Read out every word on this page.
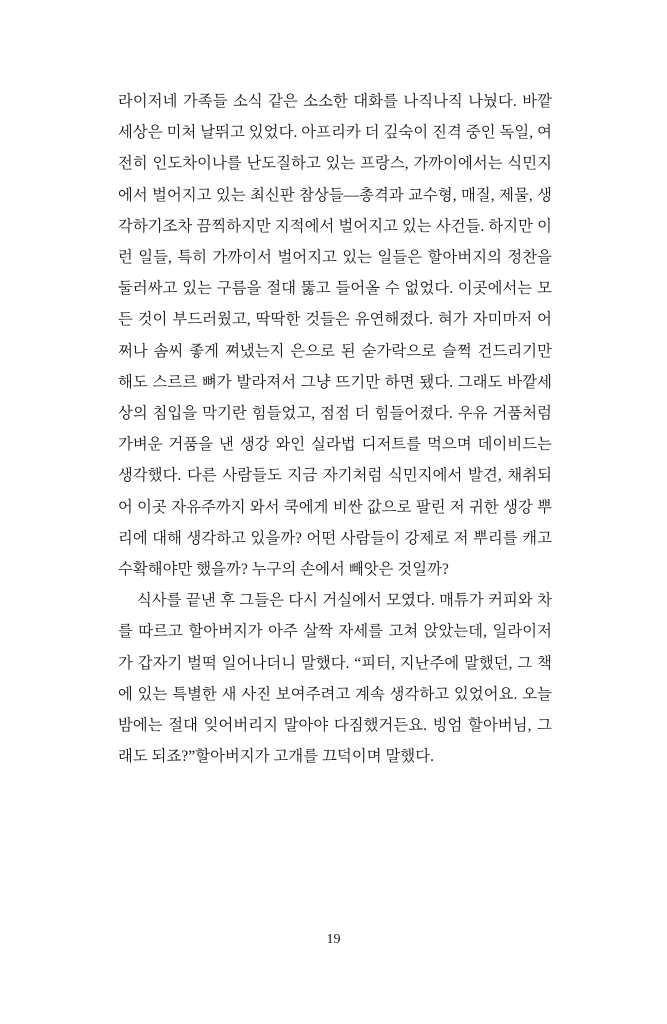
라이저네 가족들 소식 같은 소소한 대화를 나직나직 나눴다. 바깥세상은 미처 날뛰고 있었다. 아프리카 더 깊숙이 진격 중인 독일, 여전히 인도차이나를 난도질하고 있는 프랑스, 가까이에서는 식민지에서 벌어지고 있는 최신판 참상들—총격과 교수형, 매질, 제물, 생각하기조차 끔찍하지만 지적에서 벌어지고 있는 사건들. 하지만 이런 일들, 특히 가까이서 벌어지고 있는 일들은 할아버지의 정찬을 둘러싸고 있는 구름을 절대 뚫고 들어올 수 없었다. 이곳에서는 모든 것이 부드러웠고, 딱딱한 것들은 유연해졌다. 혀가 자미마저 어쩌나 솜씨 좋게 쪄냈는지 은으로 된 숟가락으로 슬쩍 건드리기만 해도 스르르 뼈가 발라져서 그냥 뜨기만 하면 됐다. 그래도 바깥세상의 침입을 막기란 힘들었고, 점점 더 힘들어졌다. 우유 거품처럼 가벼운 거품을 낸 생강 와인 실라법 디저트를 먹으며 데이비드는 생각했다. 다른 사람들도 지금 자기처럼 식민지에서 발견, 채취되어 이곳 자유주까지 와서 쿡에게 비싼 값으로 팔린 저 귀한 생강 뿌리에 대해 생각하고 있을까? 어떤 사람들이 강제로 저 뿌리를 캐고 수확해야만 했을까? 누구의 손에서 빼앗은 것일까?

식사를 끝낸 후 그들은 다시 거실에서 모였다. 매튜가 커피와 차를 따르고 할아버지가 아주 살짝 자세를 고쳐 앉았는데, 일라이저가 갑자기 벌떡 일어나더니 말했다. “피터, 지난주에 말했던, 그 책에 있는 특별한 새 사진 보여주려고 계속 생각하고 있었어요. 오늘 밤에는 절대 잊어버리지 말아야 다짐했거든요. 빙엄 할아버님, 그래도 되죠?”할아버지가 고개를 끄덕이며 말했다.

19
